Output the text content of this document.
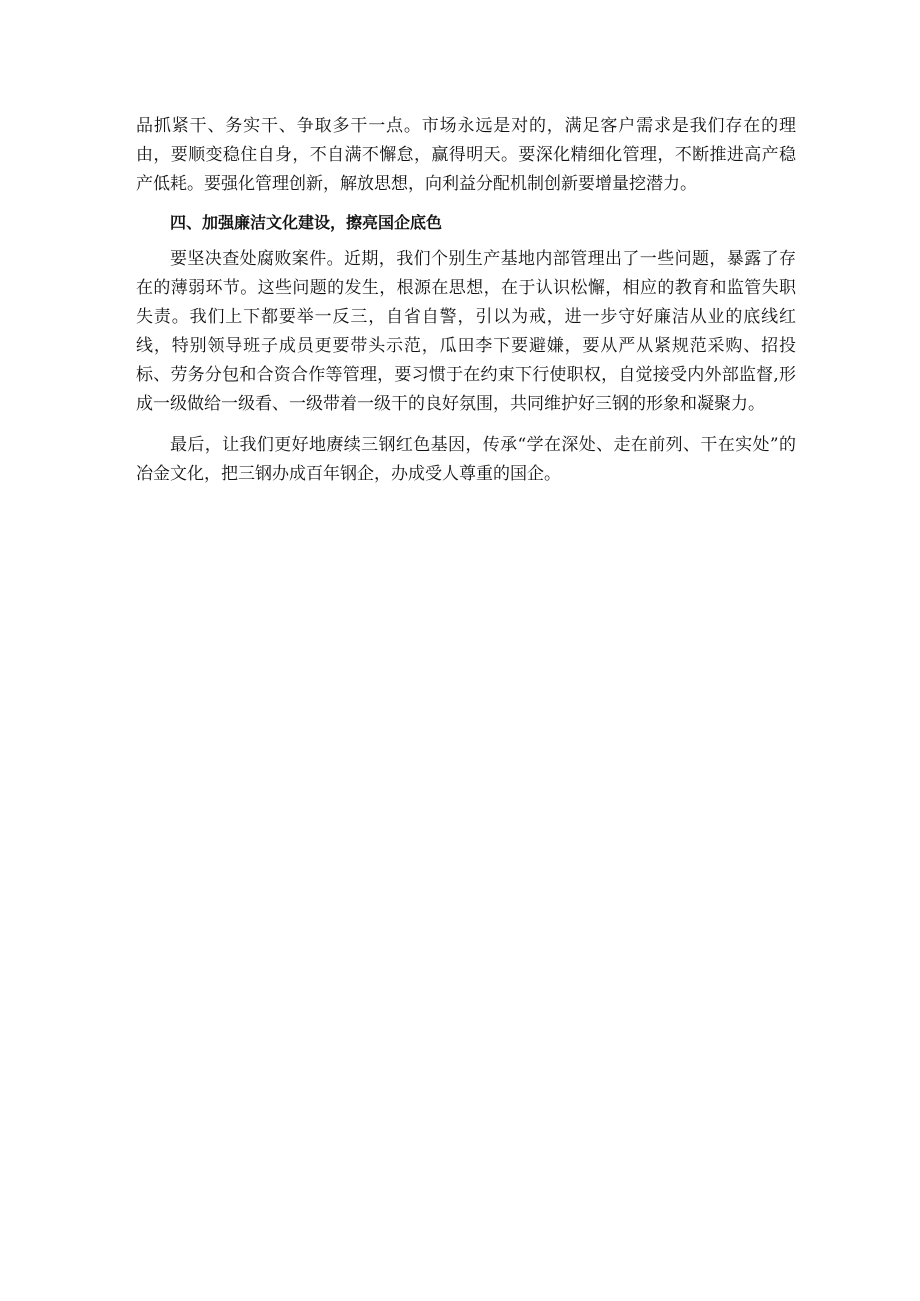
品抓紧干、务实干、争取多干一点。市场永远是对的，满足客户需求是我们存在的理由，要顺变稳住自身，不自满不懈怠，赢得明天。要深化精细化管理，不断推进高产稳产低耗。要强化管理创新，解放思想，向利益分配机制创新要增量挖潜力。

四、加强廉洁文化建设，擦亮国企底色

要坚决查处腐败案件。近期，我们个别生产基地内部管理出了一些问题，暴露了存在的薄弱环节。这些问题的发生，根源在思想，在于认识松懈，相应的教育和监管失职失责。我们上下都要举一反三，自省自警，引以为戒，进一步守好廉洁从业的底线红线，特别领导班子成员更要带头示范，瓜田李下要避嫌，要从严从紧规范采购、招投标、劳务分包和合资合作等管理，要习惯于在约束下行使职权，自觉接受内外部监督,形成一级做给一级看、一级带着一级干的良好氛围，共同维护好三钢的形象和凝聚力。

最后，让我们更好地赓续三钢红色基因，传承“学在深处、走在前列、干在实处”的冶金文化，把三钢办成百年钢企，办成受人尊重的国企。
